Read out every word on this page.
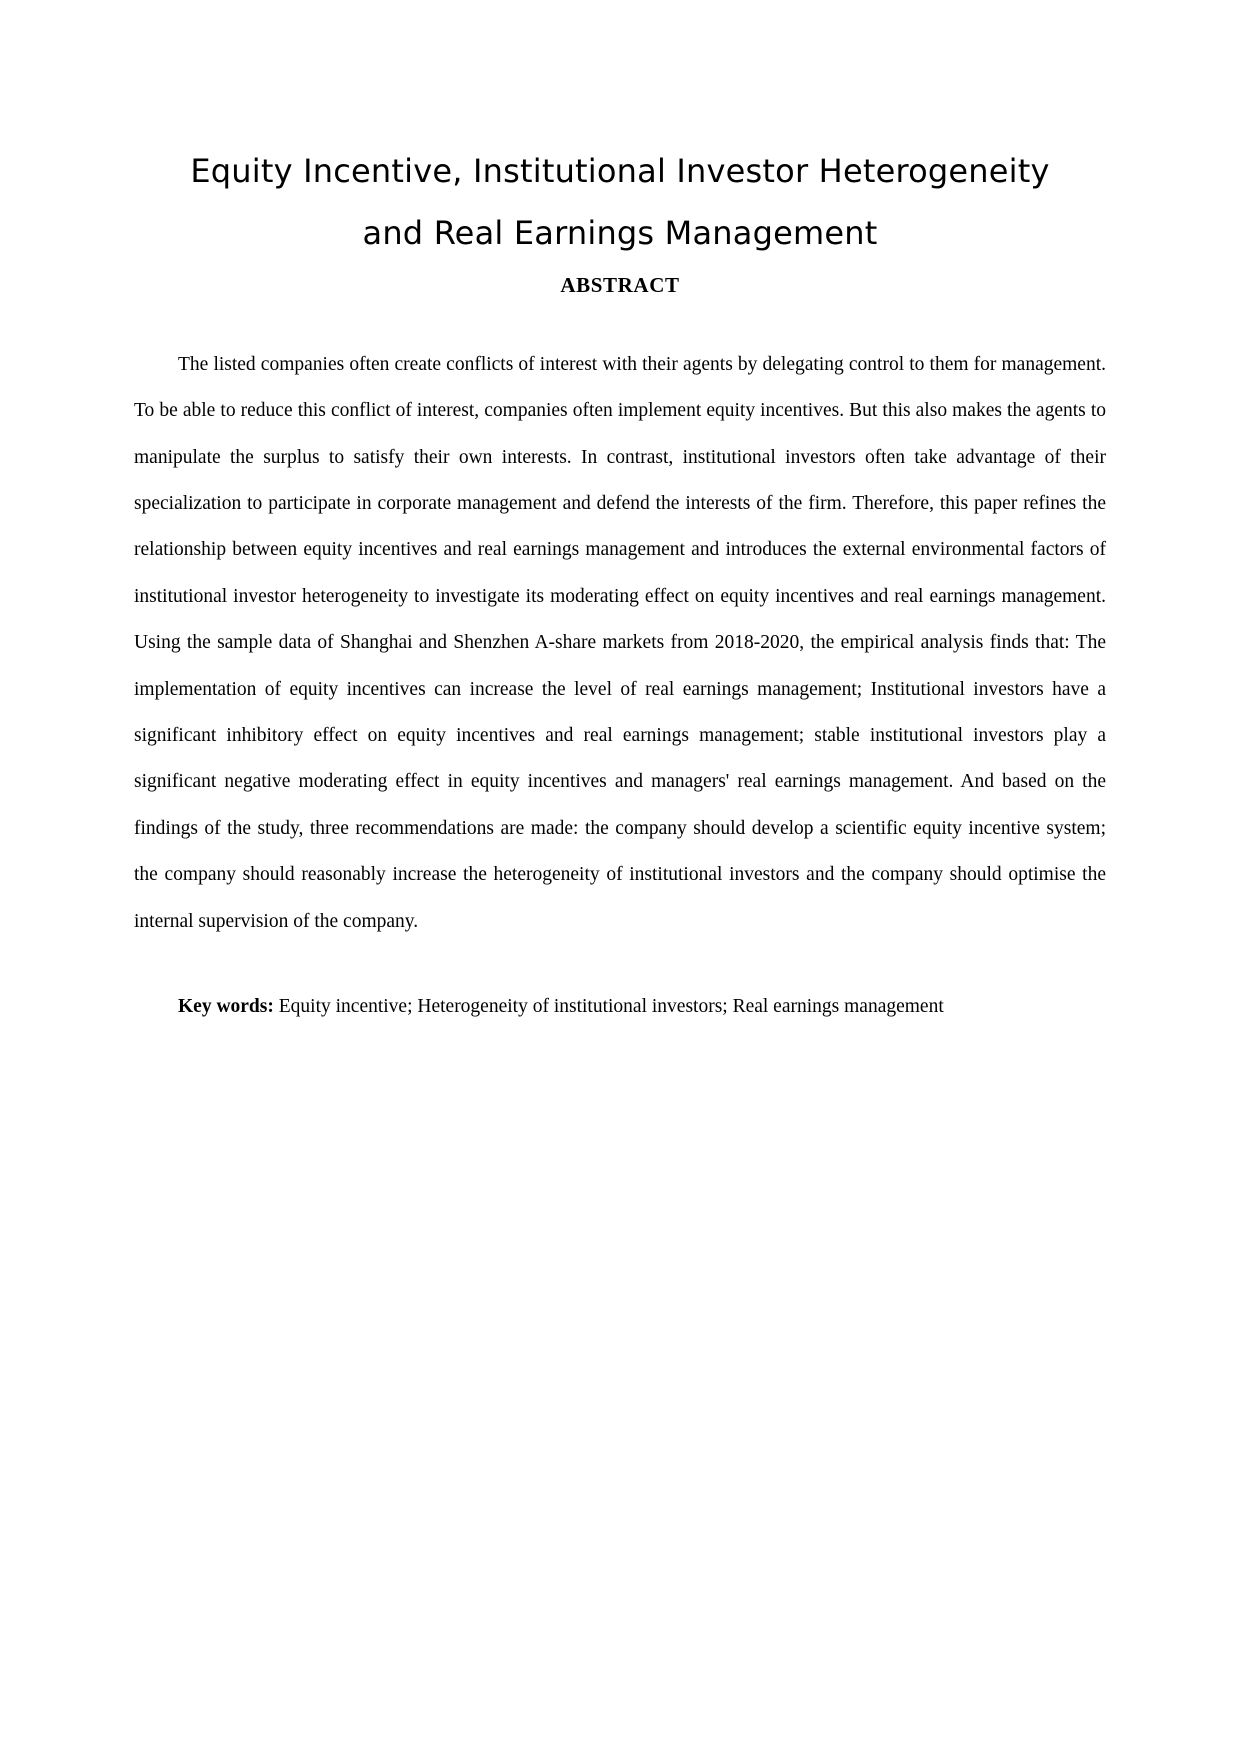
Equity Incentive, Institutional Investor Heterogeneity
and Real Earnings Management
ABSTRACT

The listed companies often create conflicts of interest with their agents by delegating control to them for management. To be able to reduce this conflict of interest, companies often implement equity incentives. But this also makes the agents to manipulate the surplus to satisfy their own interests. In contrast, institutional investors often take advantage of their specialization to participate in corporate management and defend the interests of the firm. Therefore, this paper refines the relationship between equity incentives and real earnings management and introduces the external environmental factors of institutional investor heterogeneity to investigate its moderating effect on equity incentives and real earnings management. Using the sample data of Shanghai and Shenzhen A-share markets from 2018-2020, the empirical analysis finds that: The implementation of equity incentives can increase the level of real earnings management; Institutional investors have a significant inhibitory effect on equity incentives and real earnings management; stable institutional investors play a significant negative moderating effect in equity incentives and managers' real earnings management. And based on the findings of the study, three recommendations are made: the company should develop a scientific equity incentive system; the company should reasonably increase the heterogeneity of institutional investors and the company should optimise the internal supervision of the company.

Key words: Equity incentive; Heterogeneity of institutional investors; Real earnings management
